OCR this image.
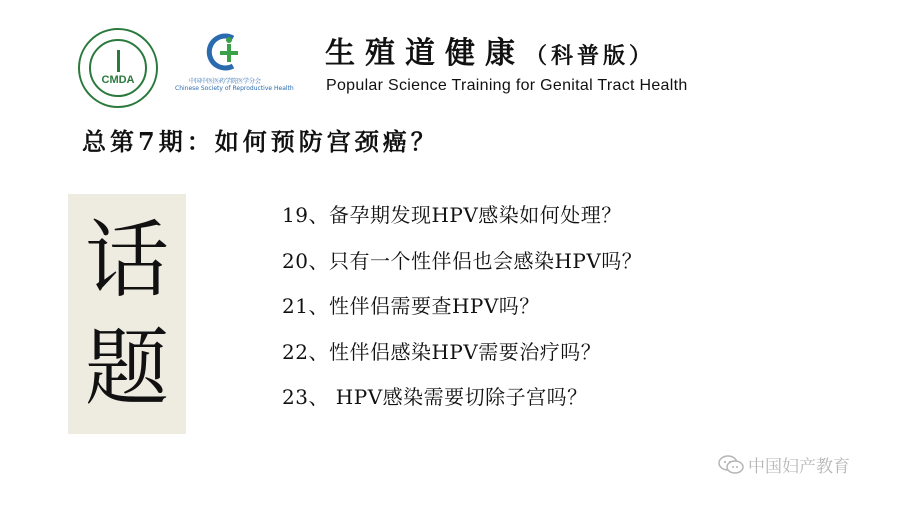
CMDA	中国中医医药学院医学分会
Chinese Society of Reproductive Health
生殖道健康（科普版）
Popular Science Training for Genital Tract Health
总第7期：如何预防宫颈癌？
话
题
19、备孕期发现HPV感染如何处理？
20、只有一个性伴侣也会感染HPV吗？
21、性伴侣需要查HPV吗？
22、性伴侣感染HPV需要治疗吗？
23、 HPV感染需要切除子宫吗？
中国妇产教育
